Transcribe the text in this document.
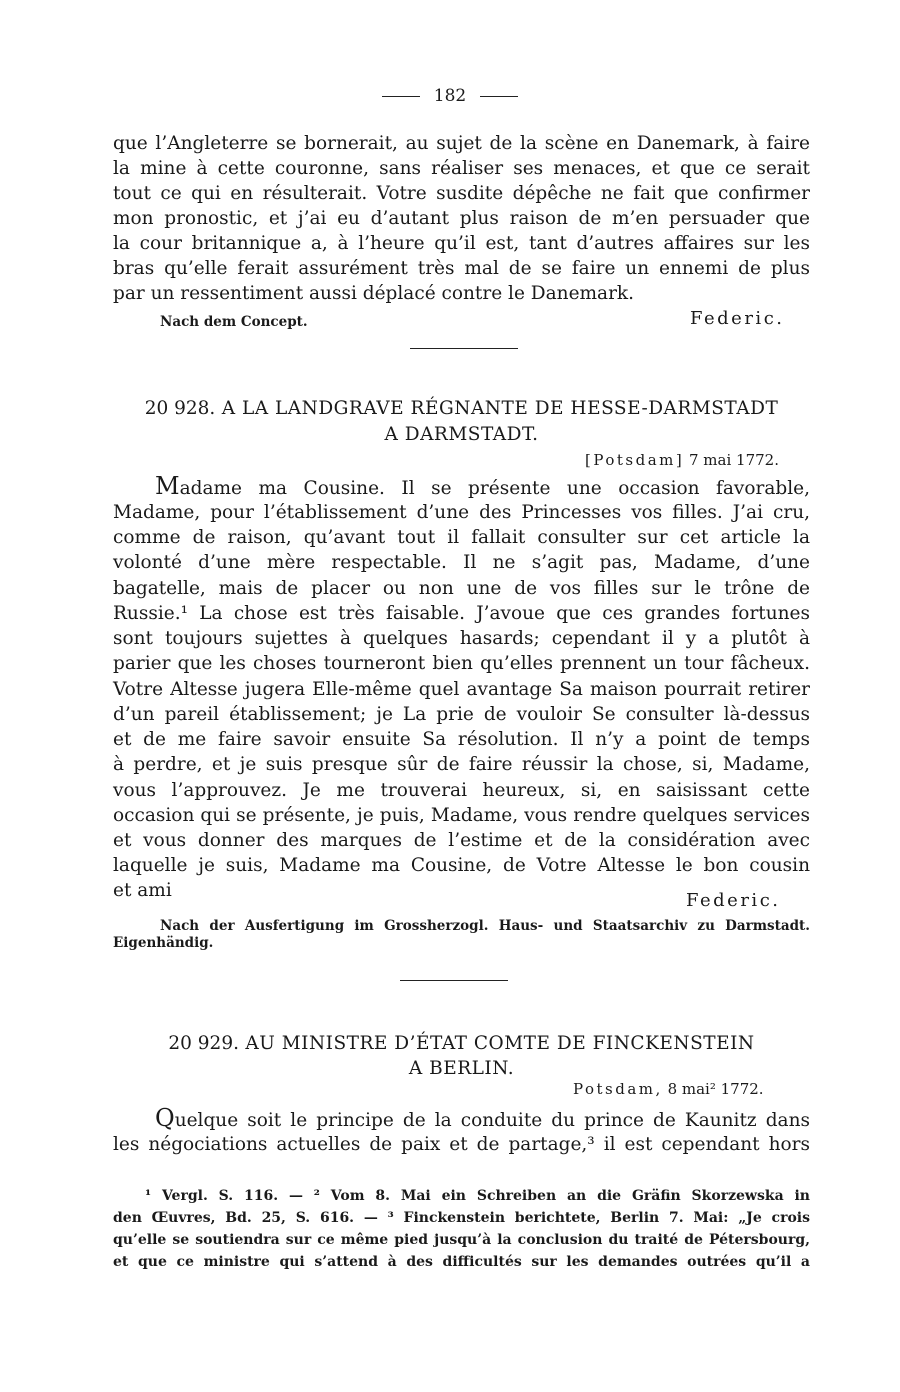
182
que l’Angleterre se bornerait, au sujet de la scène en Danemark, à faire
la mine à cette couronne, sans réaliser ses menaces, et que ce serait
tout ce qui en résulterait. Votre susdite dépêche ne fait que confirmer
mon pronostic, et j’ai eu d’autant plus raison de m’en persuader que
la cour britannique a, à l’heure qu’il est, tant d’autres affaires sur les
bras qu’elle ferait assurément très mal de se faire un ennemi de plus
par un ressentiment aussi déplacé contre le Danemark.
Nach dem Concept.	Federic.
20 928. A LA LANDGRAVE RÉGNANTE DE HESSE-DARMSTADT
A DARMSTADT.
[Potsdam] 7 mai 1772.
Madame ma Cousine. Il se présente une occasion favorable,
Madame, pour l’établissement d’une des Princesses vos filles. J’ai cru,
comme de raison, qu’avant tout il fallait consulter sur cet article la
volonté d’une mère respectable. Il ne s’agit pas, Madame, d’une
bagatelle, mais de placer ou non une de vos filles sur le trône de
Russie.¹ La chose est très faisable. J’avoue que ces grandes fortunes
sont toujours sujettes à quelques hasards; cependant il y a plutôt à
parier que les choses tourneront bien qu’elles prennent un tour fâcheux.
Votre Altesse jugera Elle-même quel avantage Sa maison pourrait retirer
d’un pareil établissement; je La prie de vouloir Se consulter là-dessus
et de me faire savoir ensuite Sa résolution. Il n’y a point de temps
à perdre, et je suis presque sûr de faire réussir la chose, si, Madame,
vous l’approuvez. Je me trouverai heureux, si, en saisissant cette
occasion qui se présente, je puis, Madame, vous rendre quelques services
et vous donner des marques de l’estime et de la considération avec
laquelle je suis, Madame ma Cousine, de Votre Altesse le bon cousin
et ami	Federic.
Nach der Ausfertigung im Grossherzogl. Haus- und Staatsarchiv zu Darmstadt.
Eigenhändig.
20 929. AU MINISTRE D’ÉTAT COMTE DE FINCKENSTEIN
A BERLIN.
Potsdam, 8 mai² 1772.
Quelque soit le principe de la conduite du prince de Kaunitz dans
les négociations actuelles de paix et de partage,³ il est cependant hors
¹ Vergl. S. 116. — ² Vom 8. Mai ein Schreiben an die Gräfin Skorzewska in
den Œuvres, Bd. 25, S. 616. — ³ Finckenstein berichtete, Berlin 7. Mai: „Je crois
qu’elle se soutiendra sur ce même pied jusqu’à la conclusion du traité de Pétersbourg,
et que ce ministre qui s’attend à des difficultés sur les demandes outrées qu’il a
